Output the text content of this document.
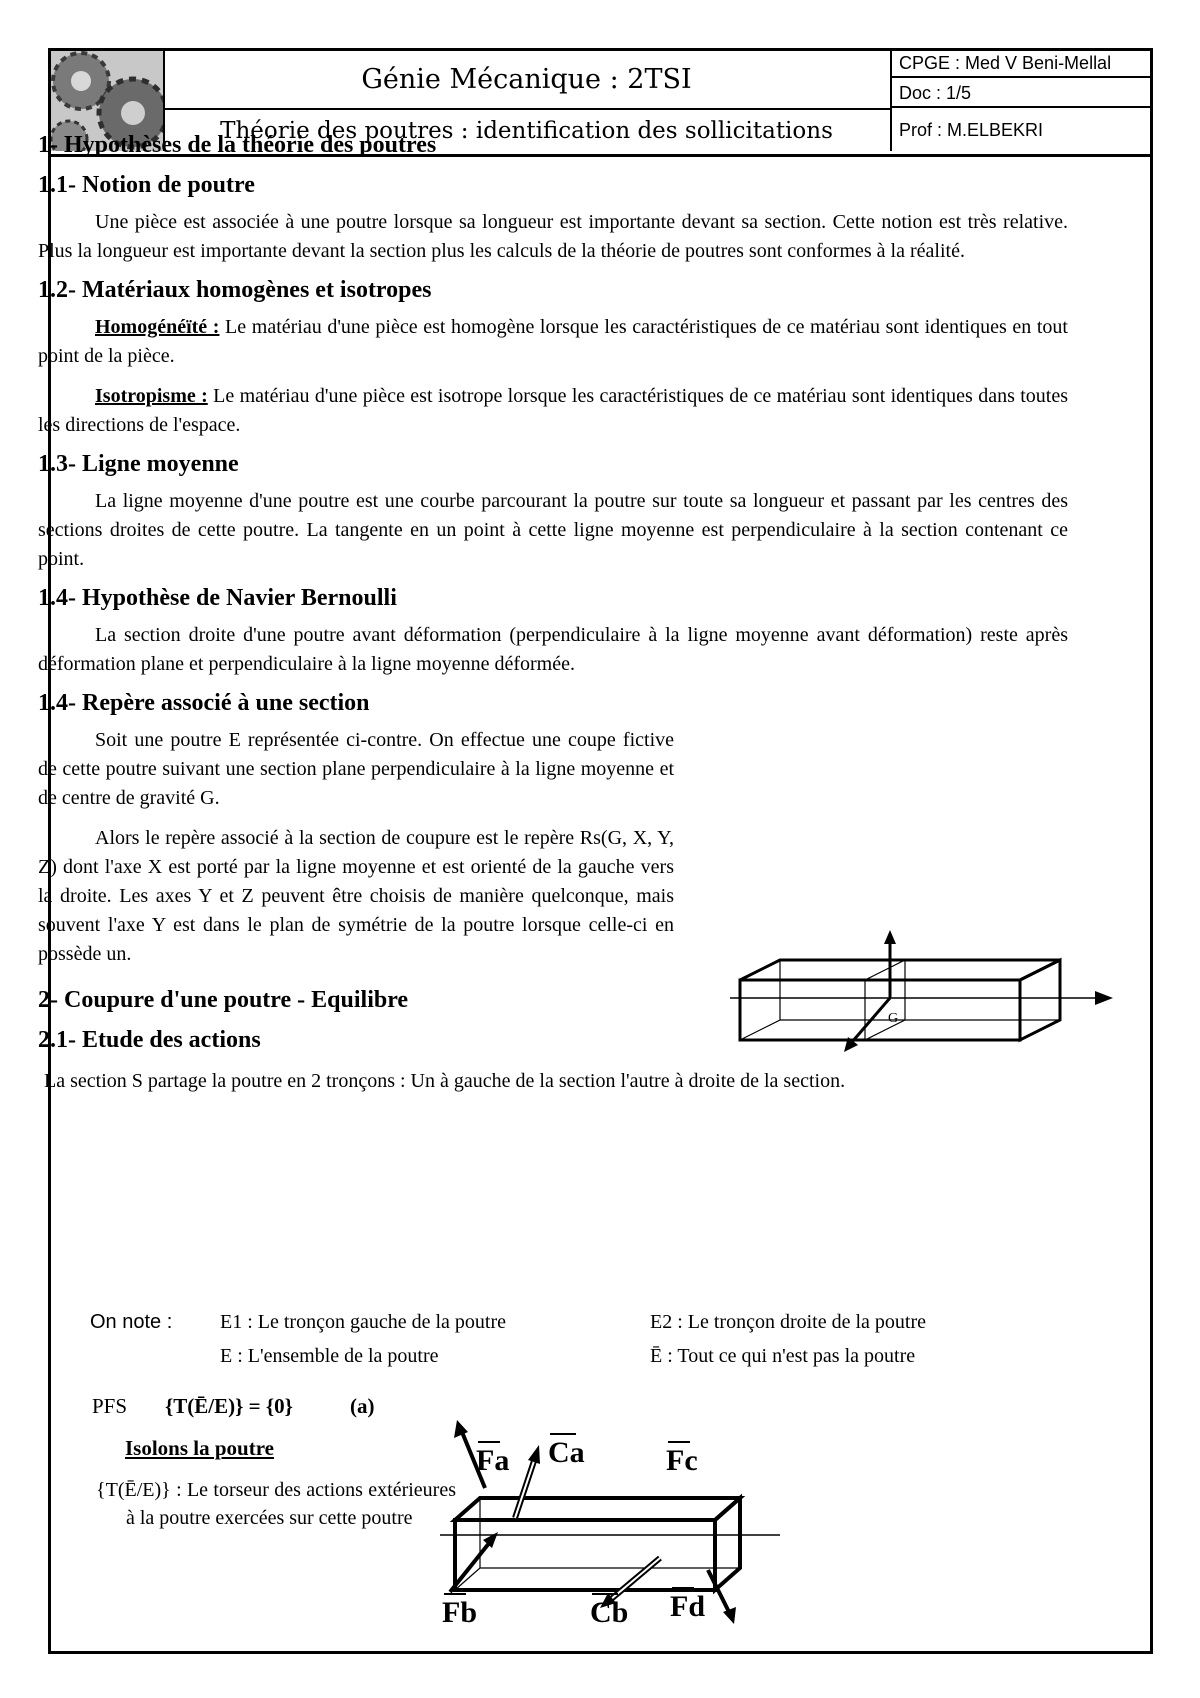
Génie Mécanique : 2TSI
Théorie des poutres : identification des sollicitations
CPGE : Med V Beni-Mellal
Doc : 1/5
Prof : M.ELBEKRI
1- Hypothèses de la théorie des poutres
1.1- Notion de poutre

Une pièce est associée à une poutre lorsque sa longueur est importante devant sa section. Cette notion est très relative. Plus la longueur est importante devant la section plus les calculs de la théorie de poutres sont conformes à la réalité.

1.2- Matériaux homogènes et isotropes

Homogénéïté : Le matériau d'une pièce est homogène lorsque les caractéristiques de ce matériau sont identiques en tout point de la pièce.

Isotropisme : Le matériau d'une pièce est isotrope lorsque les caractéristiques de ce matériau sont identiques dans toutes les directions de l'espace.

1.3- Ligne moyenne

La ligne moyenne d'une poutre est une courbe parcourant la poutre sur toute sa longueur et passant par les centres des sections droites de cette poutre. La tangente en un point à cette ligne moyenne est perpendiculaire à la section contenant ce point.

1.4- Hypothèse de Navier Bernoulli

La section droite d'une poutre avant déformation (perpendiculaire à la ligne moyenne avant déformation) reste après déformation plane et perpendiculaire à la ligne moyenne déformée.

1.4- Repère associé à une section

Soit une poutre E représentée ci-contre. On effectue une coupe fictive de cette poutre suivant une section plane perpendiculaire à la ligne moyenne et de centre de gravité G.

Alors le repère associé à la section de coupure est le repère Rs(G, X, Y, Z) dont l'axe X est porté par la ligne moyenne et est orienté de la gauche vers la droite. Les axes Y et Z peuvent être choisis de manière quelconque, mais souvent l'axe Y est dans le plan de symétrie de la poutre lorsque celle-ci en possède un.

2- Coupure d'une poutre - Equilibre
2.1- Etude des actions

La section S partage la poutre en 2 tronçons : Un à gauche de la section l'autre à droite de la section.

G
On note : E1 : Le tronçon gauche de la poutre	E2 : Le tronçon droite de la poutre
E : L'ensemble de la poutre	Ē : Tout ce qui n'est pas la poutre
PFS {T(Ē/E)} = {0}	(a)
Isolons la poutre

{T(Ē/E)} : Le torseur des actions extérieures à la poutre exercées sur cette poutre

Fa Ca	Fc
Fb	Cb Fd
